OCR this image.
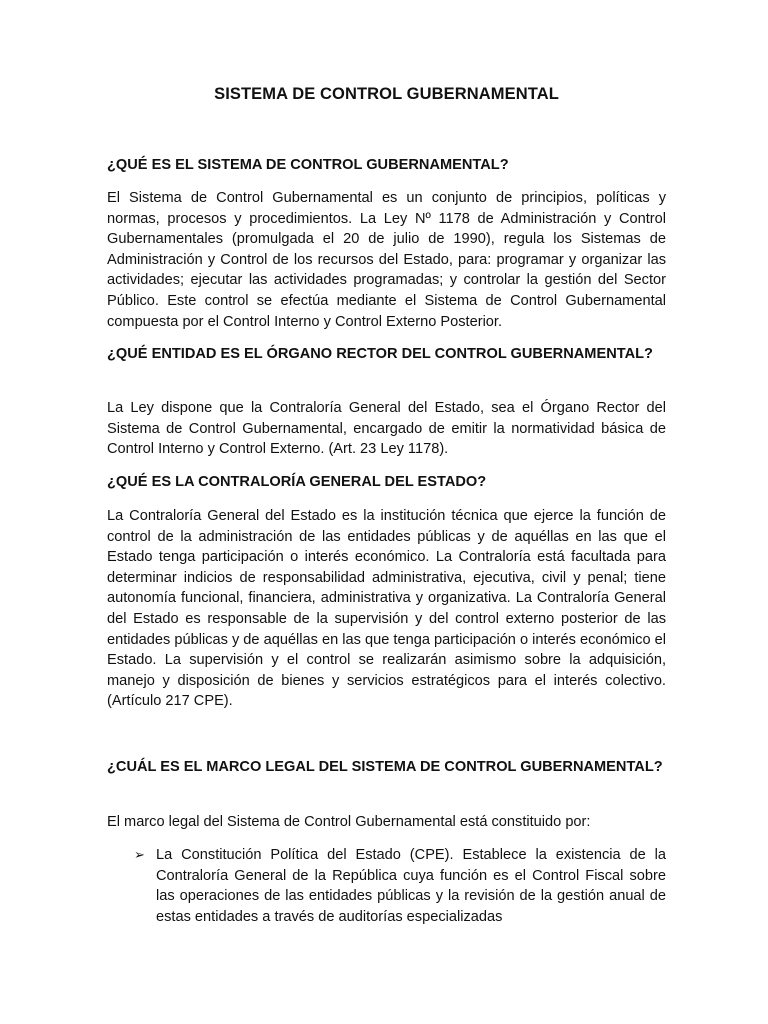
SISTEMA DE CONTROL GUBERNAMENTAL
¿QUÉ ES EL SISTEMA DE CONTROL GUBERNAMENTAL?
El Sistema de Control Gubernamental es un conjunto de principios, políticas y normas, procesos y procedimientos. La Ley Nº 1178 de Administración y Control Gubernamentales (promulgada el 20 de julio de 1990), regula los Sistemas de Administración y Control de los recursos del Estado, para: programar y organizar las actividades; ejecutar las actividades programadas; y controlar la gestión del Sector Público. Este control se efectúa mediante el Sistema de Control Gubernamental compuesta por el Control Interno y Control Externo Posterior.
¿QUÉ ENTIDAD ES EL ÓRGANO RECTOR DEL CONTROL GUBERNAMENTAL?
La Ley dispone que la Contraloría General del Estado, sea el Órgano Rector del Sistema de Control Gubernamental, encargado de emitir la normatividad básica de Control Interno y Control Externo. (Art. 23 Ley 1178).
¿QUÉ ES LA CONTRALORÍA GENERAL DEL ESTADO?
La Contraloría General del Estado es la institución técnica que ejerce la función de control de la administración de las entidades públicas y de aquéllas en las que el Estado tenga participación o interés económico. La Contraloría está facultada para determinar indicios de responsabilidad administrativa, ejecutiva, civil y penal; tiene autonomía funcional, financiera, administrativa y organizativa. La Contraloría General del Estado es responsable de la supervisión y del control externo posterior de las entidades públicas y de aquéllas en las que tenga participación o interés económico el Estado. La supervisión y el control se realizarán asimismo sobre la adquisición, manejo y disposición de bienes y servicios estratégicos para el interés colectivo. (Artículo 217 CPE).
¿CUÁL ES EL MARCO LEGAL DEL SISTEMA DE CONTROL GUBERNAMENTAL?
El marco legal del Sistema de Control Gubernamental está constituido por:
➢ La Constitución Política del Estado (CPE). Establece la existencia de la Contraloría General de la República cuya función es el Control Fiscal sobre las operaciones de las entidades públicas y la revisión de la gestión anual de estas entidades a través de auditorías especializadas
